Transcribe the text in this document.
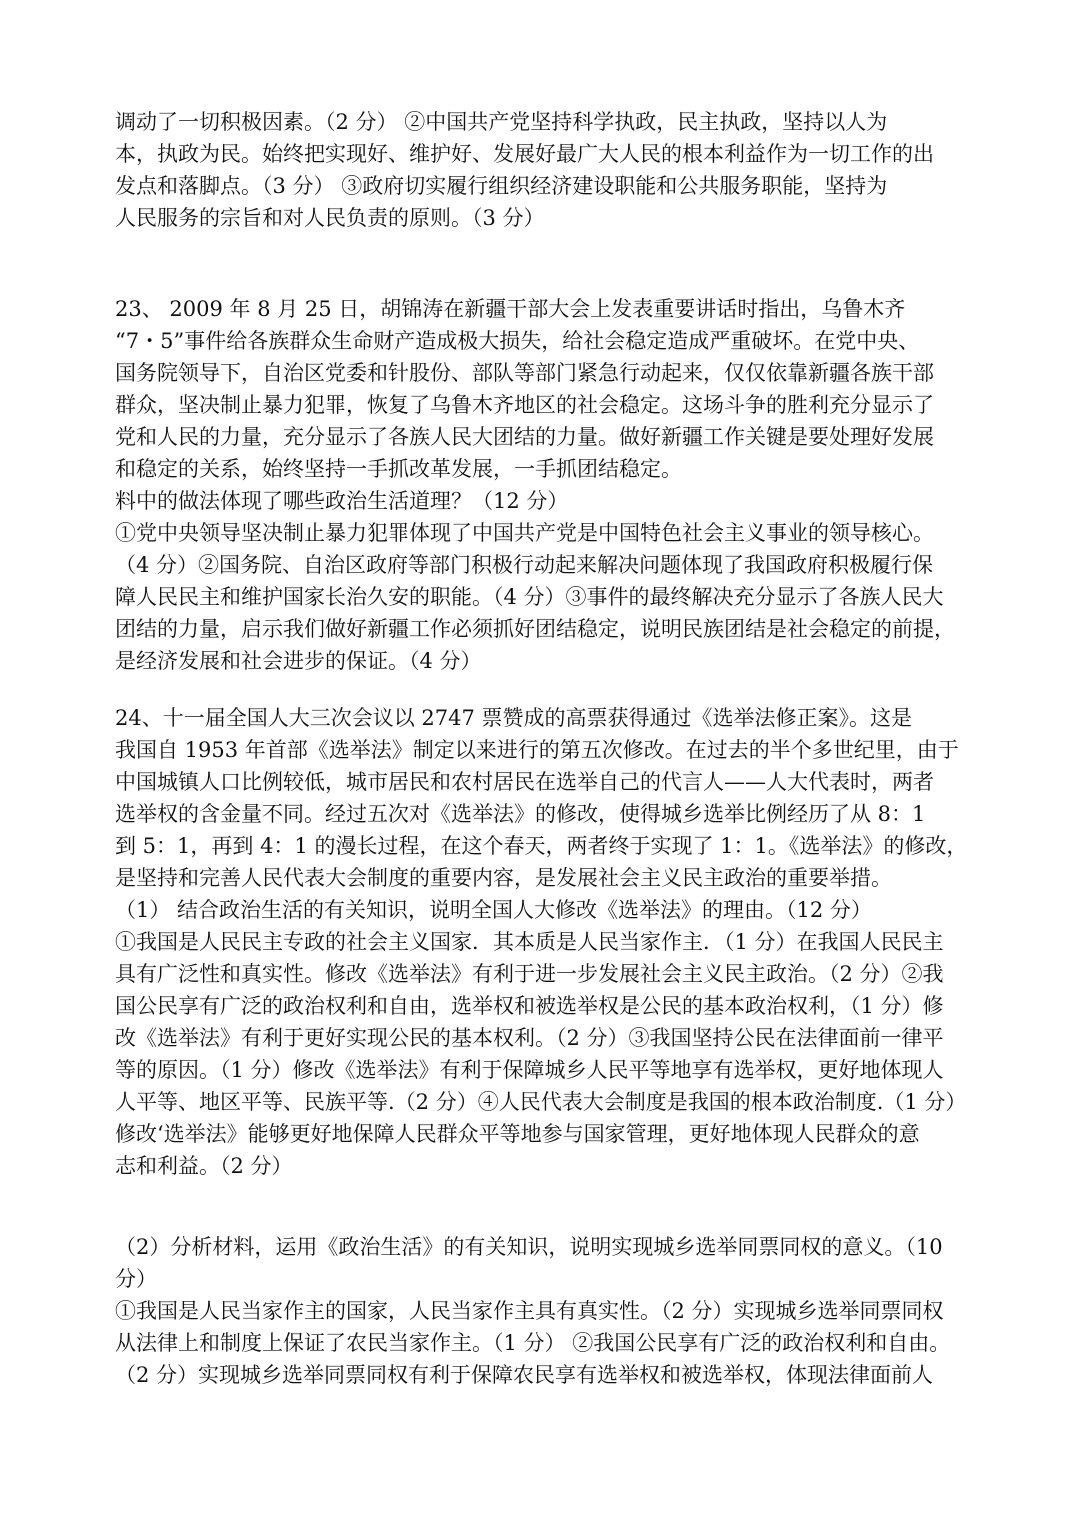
调动了一切积极因素。（2 分） ②中国共产党坚持科学执政，民主执政，坚持以人为
本，执政为民。始终把实现好、维护好、发展好最广大人民的根本利益作为一切工作的出
发点和落脚点。（3 分） ③政府切实履行组织经济建设职能和公共服务职能，坚持为
人民服务的宗旨和对人民负责的原则。（3 分）
23、 2009 年 8 月 25 日，胡锦涛在新疆干部大会上发表重要讲话时指出，乌鲁木齐
“7・5”事件给各族群众生命财产造成极大损失，给社会稳定造成严重破坏。在党中央、
国务院领导下，自治区党委和针股份、部队等部门紧急行动起来，仅仅依靠新疆各族干部
群众，坚决制止暴力犯罪，恢复了乌鲁木齐地区的社会稳定。这场斗争的胜利充分显示了
党和人民的力量，充分显示了各族人民大团结的力量。做好新疆工作关键是要处理好发展
和稳定的关系，始终坚持一手抓改革发展，一手抓团结稳定。
料中的做法体现了哪些政治生活道理？（12 分）
①党中央领导坚决制止暴力犯罪体现了中国共产党是中国特色社会主义事业的领导核心。
（4 分）②国务院、自治区政府等部门积极行动起来解决问题体现了我国政府积极履行保
障人民民主和维护国家长治久安的职能。（4 分）③事件的最终解决充分显示了各族人民大
团结的力量，启示我们做好新疆工作必须抓好团结稳定，说明民族团结是社会稳定的前提，
是经济发展和社会进步的保证。（4 分）
24、十一届全国人大三次会议以 2747 票赞成的高票获得通过《选举法修正案》。这是
我国自 1953 年首部《选举法》制定以来进行的第五次修改。在过去的半个多世纪里，由于
中国城镇人口比例较低，城市居民和农村居民在选举自己的代言人——人大代表时，两者
选举权的含金量不同。经过五次对《选举法》的修改，使得城乡选举比例经历了从 8：1
到 5：1，再到 4：1 的漫长过程，在这个春天，两者终于实现了 1：1。《选举法》的修改，
是坚持和完善人民代表大会制度的重要内容，是发展社会主义民主政治的重要举措。
（1） 结合政治生活的有关知识，说明全国人大修改《选举法》的理由。（12 分）
①我国是人民民主专政的社会主义国家．其本质是人民当家作主．（1 分）在我国人民民主
具有广泛性和真实性。修改《选举法》有利于进一步发展社会主义民主政治。（2 分）②我
国公民享有广泛的政治权利和自由，选举权和被选举权是公民的基本政治权利，（1 分）修
改《选举法》有利于更好实现公民的基本权利。（2 分）③我国坚持公民在法律面前一律平
等的原因。（1 分）修改《选举法》有利于保障城乡人民平等地享有选举权，更好地体现人
人平等、地区平等、民族平等.（2 分）④人民代表大会制度是我国的根本政治制度.（1 分）
修改‘选举法》能够更好地保障人民群众平等地参与国家管理，更好地体现人民群众的意
志和利益。（2 分）
（2）分析材料，运用《政治生活》的有关知识，说明实现城乡选举同票同权的意义。（10
分）
①我国是人民当家作主的国家，人民当家作主具有真实性。（2 分）实现城乡选举同票同权
从法律上和制度上保证了农民当家作主。（1 分） ②我国公民享有广泛的政治权利和自由。
（2 分）实现城乡选举同票同权有利于保障农民享有选举权和被选举权，体现法律面前人
